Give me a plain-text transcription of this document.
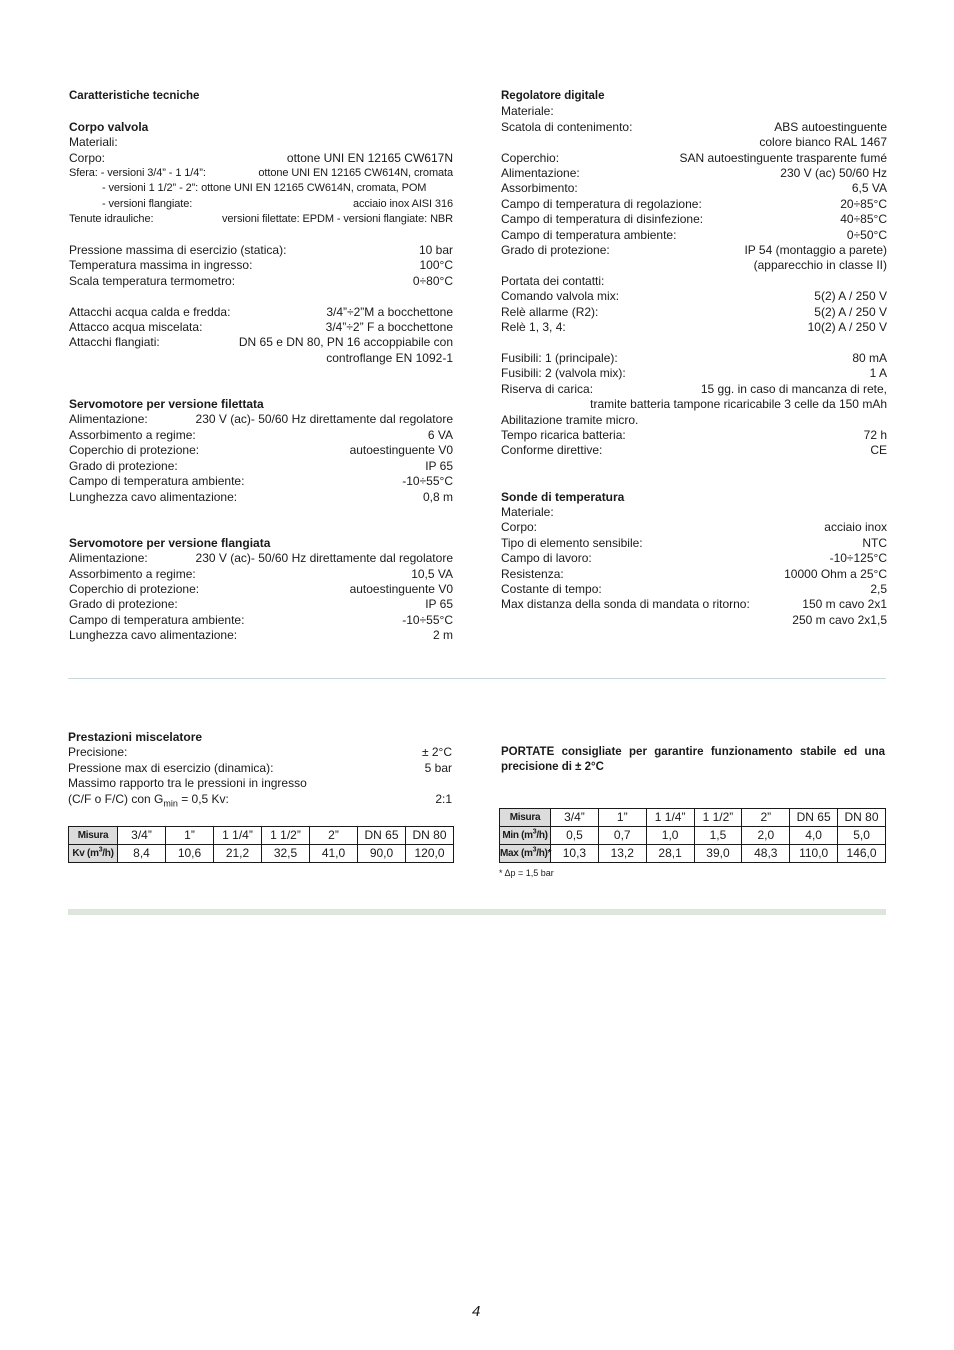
Caratteristiche tecniche
Corpo valvola
Materiali:
Corpo:	ottone UNI EN 12165 CW617N
Sfera: - versioni 3/4” - 1 1/4”:	ottone UNI EN 12165 CW614N, cromata
- versioni 1 1/2” - 2”: ottone UNI EN 12165 CW614N, cromata, POM
- versioni flangiate:	acciaio inox AISI 316
Tenute idrauliche:	versioni filettate: EPDM - versioni flangiate: NBR
Pressione massima di esercizio (statica):	10 bar
Temperatura massima in ingresso:	100°C
Scala temperatura termometro:	0÷80°C
Attacchi acqua calda e fredda:	3/4”÷2”M a bocchettone
Attacco acqua miscelata:	3/4”÷2” F a bocchettone
Attacchi flangiati:	DN 65 e DN 80, PN 16 accoppiabile con
controflange EN 1092-1
Servomotore per versione filettata
Alimentazione:	230 V (ac)- 50/60 Hz direttamente dal regolatore
Assorbimento a regime:	6 VA
Coperchio di protezione:	autoestinguente V0
Grado di protezione:	IP 65
Campo di temperatura ambiente:	-10÷55°C
Lunghezza cavo alimentazione:	0,8 m
Servomotore per versione flangiata
Alimentazione:	230 V (ac)- 50/60 Hz direttamente dal regolatore
Assorbimento a regime:	10,5 VA
Coperchio di protezione:	autoestinguente V0
Grado di protezione:	IP 65
Campo di temperatura ambiente:	-10÷55°C
Lunghezza cavo alimentazione:	2 m
Regolatore digitale
Materiale:
Scatola di contenimento:	ABS autoestinguente
colore bianco RAL 1467
Coperchio:	SAN autoestinguente trasparente fumé
Alimentazione:	230 V (ac) 50/60 Hz
Assorbimento:	6,5 VA
Campo di temperatura di regolazione:	20÷85°C
Campo di temperatura di disinfezione:	40÷85°C
Campo di temperatura ambiente:	0÷50°C
Grado di protezione:	IP 54 (montaggio a parete)
(apparecchio in classe II)
Portata dei contatti:
Comando valvola mix:	5(2) A / 250 V
Relè allarme (R2):	5(2) A / 250 V
Relè 1, 3, 4:	10(2) A / 250 V
Fusibili: 1 (principale):	80 mA
Fusibili: 2 (valvola mix):	1 A
Riserva di carica:	15 gg. in caso di mancanza di rete,
tramite batteria tampone ricaricabile 3 celle da 150 mAh
Abilitazione tramite micro.
Tempo ricarica batteria:	72 h
Conforme direttive:	CE
Sonde di temperatura
Materiale:
Corpo:	acciaio inox
Tipo di elemento sensibile:	NTC
Campo di lavoro:	-10÷125°C
Resistenza:	10000 Ohm a 25°C
Costante di tempo:	2,5
Max distanza della sonda di mandata o ritorno:	150 m cavo 2x1
250 m cavo 2x1,5
Prestazioni miscelatore
Precisione:	± 2°C
Pressione max di esercizio (dinamica):	5 bar
Massimo rapporto tra le pressioni in ingresso
(C/F o F/C) con $G_{min} = 0,5$ Kv:	2:1
Misura	3/4”	1”	1 1/4”	1 1/2”	2”	DN 65	DN 80
Kv $(m^3/h)$	8,4	10,6	21,2	32,5	41,0	90,0	120,0
PORTATE consigliate per garantire funzionamento stabile ed una precisione di ± 2°C
Misura	3/4”	1”	1 1/4”	1 1/2”	2”	DN 65	DN 80
Min $(m^3/h)$	0,5	0,7	1,0	1,5	2,0	4,0	5,0
Max $(m^3/h)*$	10,3	13,2	28,1	39,0	48,3	110,0	146,0
* Δp = 1,5 bar
4
